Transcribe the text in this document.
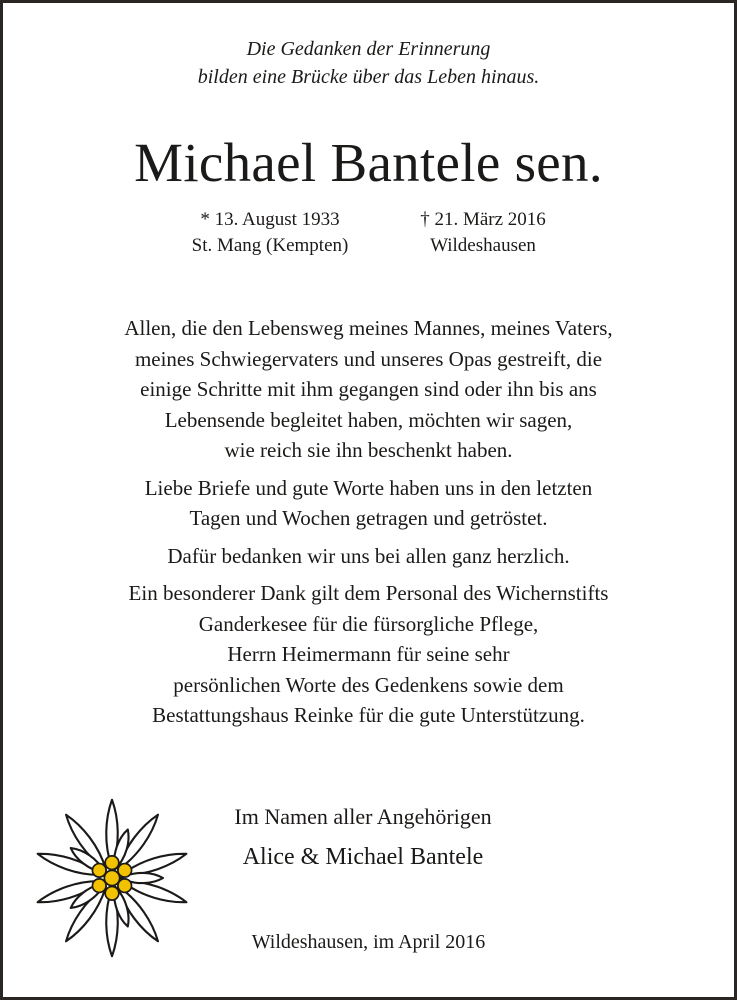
Die Gedanken der Erinnerung
bilden eine Brücke über das Leben hinaus.
Michael Bantele sen.
* 13. August 1933
St. Mang (Kempten)
† 21. März 2016
Wildeshausen

Allen, die den Lebensweg meines Mannes, meines Vaters,
meines Schwiegervaters und unseres Opas gestreift, die
einige Schritte mit ihm gegangen sind oder ihn bis ans
Lebensende begleitet haben, möchten wir sagen,
wie reich sie ihn beschenkt haben.

Liebe Briefe und gute Worte haben uns in den letzten
Tagen und Wochen getragen und getröstet.

Dafür bedanken wir uns bei allen ganz herzlich.

Ein besonderer Dank gilt dem Personal des Wichernstifts
Ganderkesee für die fürsorgliche Pflege,
Herrn Heimermann für seine sehr
persönlichen Worte des Gedenkens sowie dem
Bestattungshaus Reinke für die gute Unterstützung.

Im Namen aller Angehörigen
Alice & Michael Bantele
Wildeshausen, im April 2016
